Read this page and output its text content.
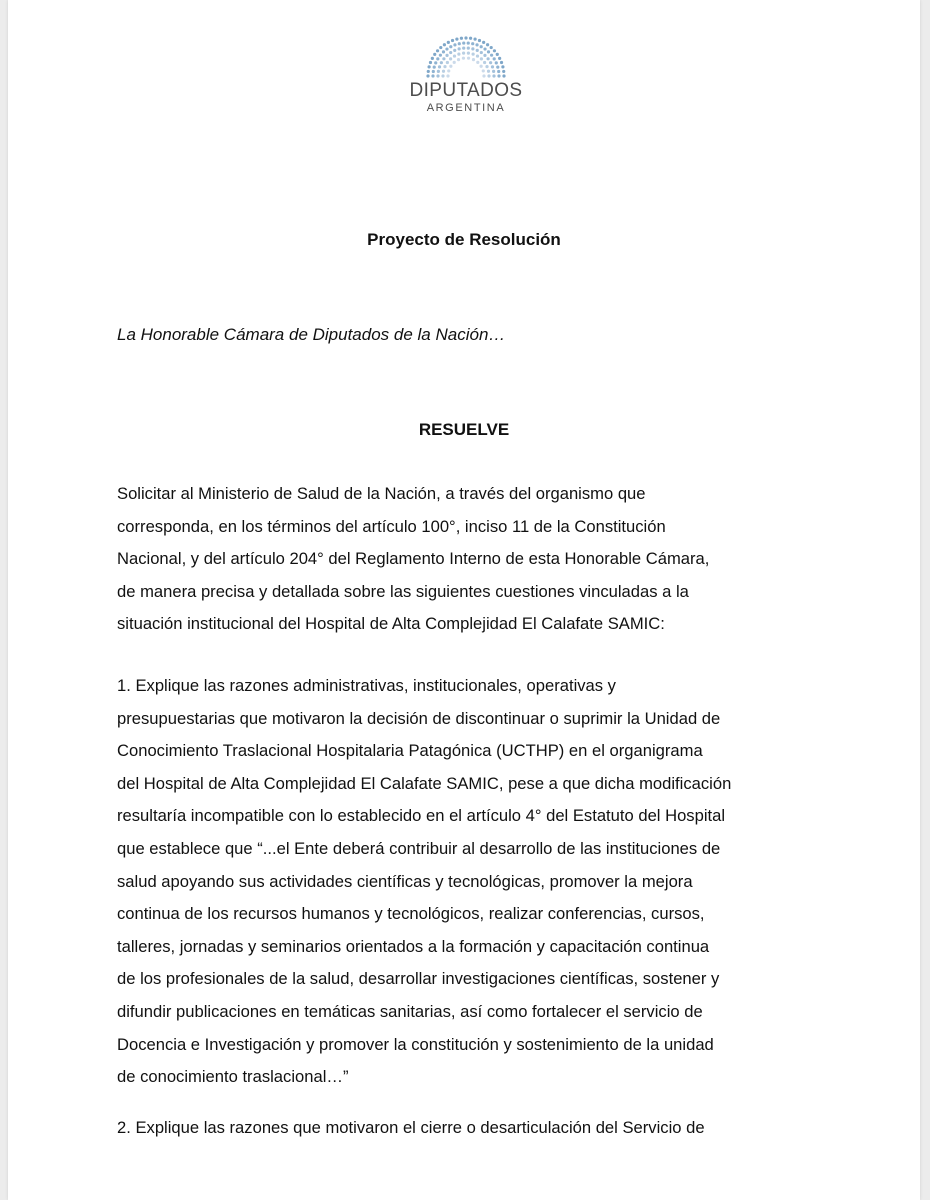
DIPUTADOS
ARGENTINA
Proyecto de Resolución
La Honorable Cámara de Diputados de la Nación…
RESUELVE

Solicitar al Ministerio de Salud de la Nación, a través del organismo que
corresponda, en los términos del artículo 100°, inciso 11 de la Constitución
Nacional, y del artículo 204° del Reglamento Interno de esta Honorable Cámara,
de manera precisa y detallada sobre las siguientes cuestiones vinculadas a la
situación institucional del Hospital de Alta Complejidad El Calafate SAMIC:

1. Explique las razones administrativas, institucionales, operativas y
presupuestarias que motivaron la decisión de discontinuar o suprimir la Unidad de
Conocimiento Traslacional Hospitalaria Patagónica (UCTHP) en el organigrama
del Hospital de Alta Complejidad El Calafate SAMIC, pese a que dicha modificación
resultaría incompatible con lo establecido en el artículo 4° del Estatuto del Hospital
que establece que “...el Ente deberá contribuir al desarrollo de las instituciones de
salud apoyando sus actividades científicas y tecnológicas, promover la mejora
continua de los recursos humanos y tecnológicos, realizar conferencias, cursos,
talleres, jornadas y seminarios orientados a la formación y capacitación continua
de los profesionales de la salud, desarrollar investigaciones científicas, sostener y
difundir publicaciones en temáticas sanitarias, así como fortalecer el servicio de
Docencia e Investigación y promover la constitución y sostenimiento de la unidad
de conocimiento traslacional…”

2. Explique las razones que motivaron el cierre o desarticulación del Servicio de
